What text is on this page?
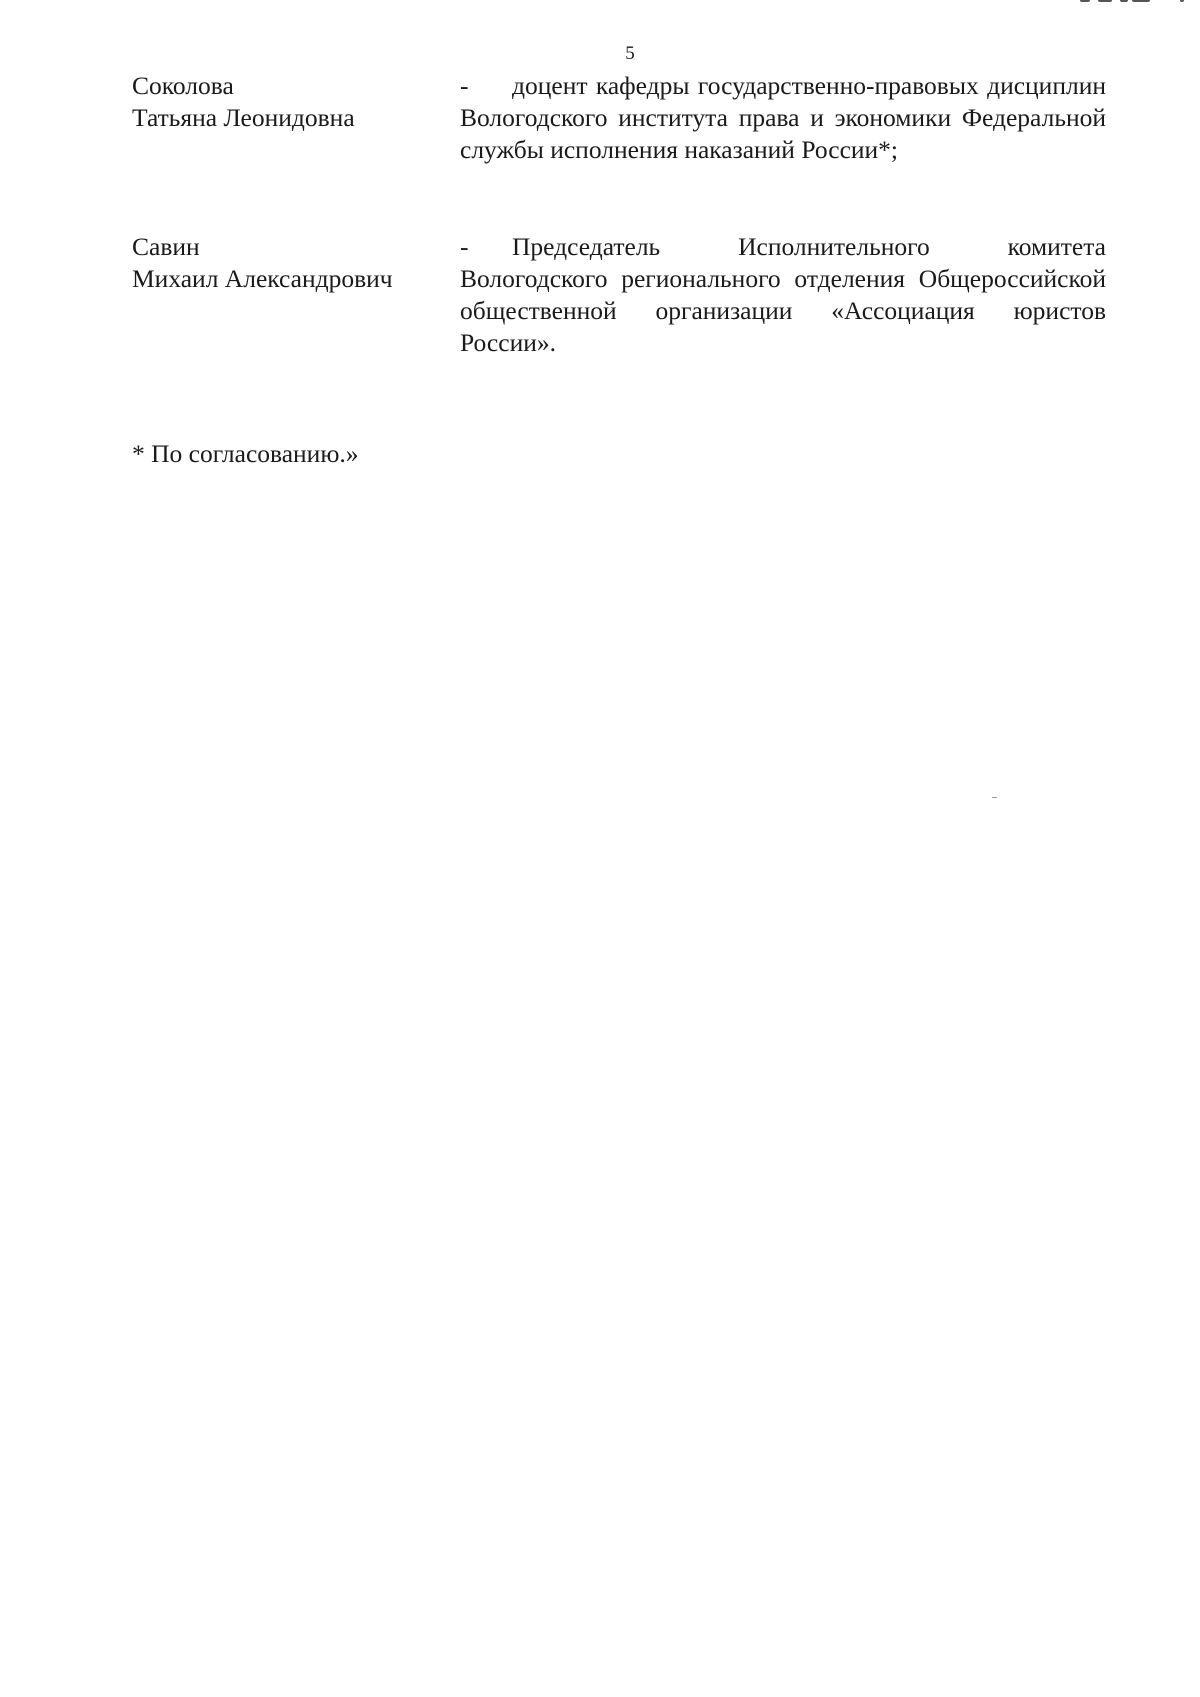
5
Соколова
Татьяна Леонидовна
- доцент кафедры государственно-правовых дисциплин Вологодского института права и экономики Федеральной службы исполнения наказаний России*;
Савин
Михаил Александрович
- Председатель Исполнительного комитета Вологодского регионального отделения Общероссийской общественной организации «Ассоциация юристов России».
* По согласованию.»
